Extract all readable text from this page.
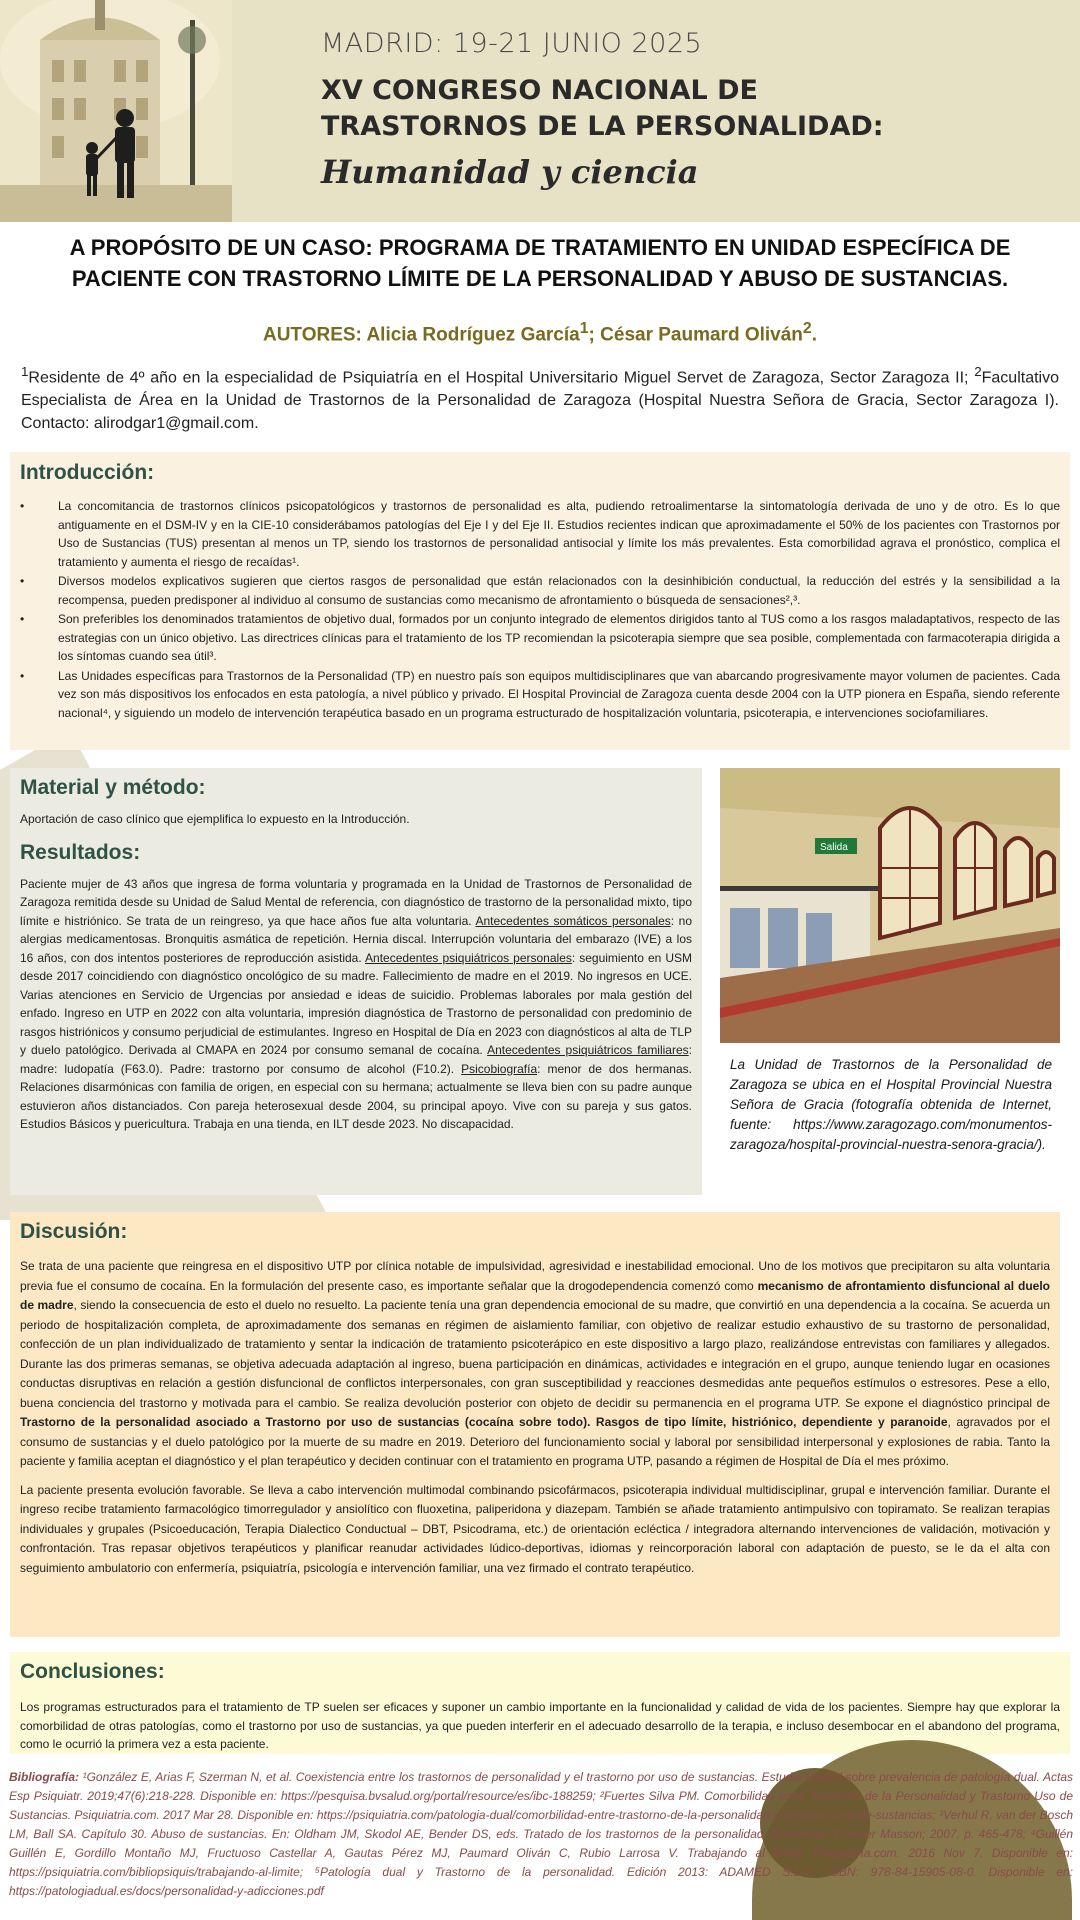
MADRID: 19-21 JUNIO 2025
XV CONGRESO NACIONAL DE
TRASTORNOS DE LA PERSONALIDAD:
Humanidad y ciencia
A PROPÓSITO DE UN CASO: PROGRAMA DE TRATAMIENTO EN UNIDAD ESPECÍFICA DE PACIENTE CON TRASTORNO LÍMITE DE LA PERSONALIDAD Y ABUSO DE SUSTANCIAS.
AUTORES: Alicia Rodríguez García$^1$; César Paumard Oliván$^2$.
$^1$Residente de 4º año en la especialidad de Psiquiatría en el Hospital Universitario Miguel Servet de Zaragoza, Sector Zaragoza II; $^2$Facultativo Especialista de Área en la Unidad de Trastornos de la Personalidad de Zaragoza (Hospital Nuestra Señora de Gracia, Sector Zaragoza I). Contacto: alirodgar1@gmail.com.
Introducción:
•	La concomitancia de trastornos clínicos psicopatológicos y trastornos de personalidad es alta, pudiendo retroalimentarse la sintomatología derivada de uno y de otro. Es lo que antiguamente en el DSM-IV y en la CIE-10 considerábamos patologías del Eje I y del Eje II. Estudios recientes indican que aproximadamente el 50% de los pacientes con Trastornos por Uso de Sustancias (TUS) presentan al menos un TP, siendo los trastornos de personalidad antisocial y límite los más prevalentes. Esta comorbilidad agrava el pronóstico, complica el tratamiento y aumenta el riesgo de recaídas¹.
•	Diversos modelos explicativos sugieren que ciertos rasgos de personalidad que están relacionados con la desinhibición conductual, la reducción del estrés y la sensibilidad a la recompensa, pueden predisponer al individuo al consumo de sustancias como mecanismo de afrontamiento o búsqueda de sensaciones²,³.
•	Son preferibles los denominados tratamientos de objetivo dual, formados por un conjunto integrado de elementos dirigidos tanto al TUS como a los rasgos maladaptativos, respecto de las estrategias con un único objetivo. Las directrices clínicas para el tratamiento de los TP recomiendan la psicoterapia siempre que sea posible, complementada con farmacoterapia dirigida a los síntomas cuando sea útil³.
•	Las Unidades específicas para Trastornos de la Personalidad (TP) en nuestro país son equipos multidisciplinares que van abarcando progresivamente mayor volumen de pacientes. Cada vez son más dispositivos los enfocados en esta patología, a nivel público y privado. El Hospital Provincial de Zaragoza cuenta desde 2004 con la UTP pionera en España, siendo referente nacional⁴, y siguiendo un modelo de intervención terapéutica basado en un programa estructurado de hospitalización voluntaria, psicoterapia, e intervenciones sociofamiliares.
Material y método:

Aportación de caso clínico que ejemplifica lo expuesto en la Introducción.

Resultados:

Paciente mujer de 43 años que ingresa de forma voluntaria y programada en la Unidad de Trastornos de Personalidad de Zaragoza remitida desde su Unidad de Salud Mental de referencia, con diagnóstico de trastorno de la personalidad mixto, tipo límite e histriónico. Se trata de un reingreso, ya que hace años fue alta voluntaria. Antecedentes somáticos personales: no alergias medicamentosas. Bronquitis asmática de repetición. Hernia discal. Interrupción voluntaria del embarazo (IVE) a los 16 años, con dos intentos posteriores de reproducción asistida. Antecedentes psiquiátricos personales: seguimiento en USM desde 2017 coincidiendo con diagnóstico oncológico de su madre. Fallecimiento de madre en el 2019. No ingresos en UCE. Varias atenciones en Servicio de Urgencias por ansiedad e ideas de suicidio. Problemas laborales por mala gestión del enfado. Ingreso en UTP en 2022 con alta voluntaria, impresión diagnóstica de Trastorno de personalidad con predominio de rasgos histriónicos y consumo perjudicial de estimulantes. Ingreso en Hospital de Día en 2023 con diagnósticos al alta de TLP y duelo patológico. Derivada al CMAPA en 2024 por consumo semanal de cocaína. Antecedentes psiquiátricos familiares: madre: ludopatía (F63.0). Padre: trastorno por consumo de alcohol (F10.2). Psicobiografía: menor de dos hermanas. Relaciones disarmónicas con familia de origen, en especial con su hermana; actualmente se lleva bien con su padre aunque estuvieron años distanciados. Con pareja heterosexual desde 2004, su principal apoyo. Vive con su pareja y sus gatos. Estudios Básicos y puericultura. Trabaja en una tienda, en ILT desde 2023. No discapacidad.

Salida
La Unidad de Trastornos de la Personalidad de Zaragoza se ubica en el Hospital Provincial Nuestra Señora de Gracia (fotografía obtenida de Internet, fuente: https://www.zaragozago.com/monumentos-zaragoza/hospital-provincial-nuestra-senora-gracia/).
Discusión:

Se trata de una paciente que reingresa en el dispositivo UTP por clínica notable de impulsividad, agresividad e inestabilidad emocional. Uno de los motivos que precipitaron su alta voluntaria previa fue el consumo de cocaína. En la formulación del presente caso, es importante señalar que la drogodependencia comenzó como mecanismo de afrontamiento disfuncional al duelo de madre, siendo la consecuencia de esto el duelo no resuelto. La paciente tenía una gran dependencia emocional de su madre, que convirtió en una dependencia a la cocaína. Se acuerda un periodo de hospitalización completa, de aproximadamente dos semanas en régimen de aislamiento familiar, con objetivo de realizar estudio exhaustivo de su trastorno de personalidad, confección de un plan individualizado de tratamiento y sentar la indicación de tratamiento psicoterápico en este dispositivo a largo plazo, realizándose entrevistas con familiares y allegados. Durante las dos primeras semanas, se objetiva adecuada adaptación al ingreso, buena participación en dinámicas, actividades e integración en el grupo, aunque teniendo lugar en ocasiones conductas disruptivas en relación a gestión disfuncional de conflictos interpersonales, con gran susceptibilidad y reacciones desmedidas ante pequeños estímulos o estresores. Pese a ello, buena conciencia del trastorno y motivada para el cambio. Se realiza devolución posterior con objeto de decidir su permanencia en el programa UTP. Se expone el diagnóstico principal de Trastorno de la personalidad asociado a Trastorno por uso de sustancias (cocaína sobre todo). Rasgos de tipo límite, histriónico, dependiente y paranoide, agravados por el consumo de sustancias y el duelo patológico por la muerte de su madre en 2019. Deterioro del funcionamiento social y laboral por sensibilidad interpersonal y explosiones de rabia. Tanto la paciente y familia aceptan el diagnóstico y el plan terapéutico y deciden continuar con el tratamiento en programa UTP, pasando a régimen de Hospital de Día el mes próximo.

La paciente presenta evolución favorable. Se lleva a cabo intervención multimodal combinando psicofármacos, psicoterapia individual multidisciplinar, grupal e intervención familiar. Durante el ingreso recibe tratamiento farmacológico timorregulador y ansiolítico con fluoxetina, paliperidona y diazepam. También se añade tratamiento antimpulsivo con topiramato. Se realizan terapias individuales y grupales (Psicoeducación, Terapia Dialectico Conductual – DBT, Psicodrama, etc.) de orientación ecléctica / integradora alternando intervenciones de validación, motivación y confrontación. Tras repasar objetivos terapéuticos y planificar reanudar actividades lúdico-deportivas, idiomas y reincorporación laboral con adaptación de puesto, se le da el alta con seguimiento ambulatorio con enfermería, psiquiatría, psicología e intervención familiar, una vez firmado el contrato terapéutico.

Conclusiones:

Los programas estructurados para el tratamiento de TP suelen ser eficaces y suponer un cambio importante en la funcionalidad y calidad de vida de los pacientes. Siempre hay que explorar la comorbilidad de otras patologías, como el trastorno por uso de sustancias, ya que pueden interferir en el adecuado desarrollo de la terapia, e incluso desembocar en el abandono del programa, como le ocurrió la primera vez a esta paciente.

Bibliografía: ¹González E, Arias F, Szerman N, et al. Coexistencia entre los trastornos de personalidad y el trastorno por uso de sustancias. Estudio Madrid sobre prevalencia de patología dual. Actas Esp Psiquiatr. 2019;47(6):218-228. Disponible en: https://pesquisa.bvsalud.org/portal/resource/es/ibc-188259; ²Fuertes Silva PM. Comorbilidad entre Trastorno de la Personalidad y Trastorno Uso de Sustancias. Psiquiatria.com. 2017 Mar 28. Disponible en: https://psiquiatria.com/patologia-dual/comorbilidad-entre-trastorno-de-la-personalidad-y-trastorno-uso-de-sustancias; ³Verhul R, van der Bosch LM, Ball SA. Capítulo 30. Abuso de sustancias. En: Oldham JM, Skodol AE, Bender DS, eds. Tratado de los trastornos de la personalidad. Barcelona: Elsevier Masson; 2007. p. 465-478; ⁴Guillén Guillén E, Gordillo Montaño MJ, Fructuoso Castellar A, Gautas Pérez MJ, Paumard Oliván C, Rubio Larrosa V. Trabajando al límite. Psiquiatría.com. 2016 Nov 7. Disponible en: https://psiquiatria.com/bibliopsiquis/trabajando-al-limite; ⁵Patología dual y Trastorno de la personalidad. Edición 2013: ADAMED S.L.U. ISBN: 978-84-15905-08-0. Disponible en: https://patologiadual.es/docs/personalidad-y-adicciones.pdf
